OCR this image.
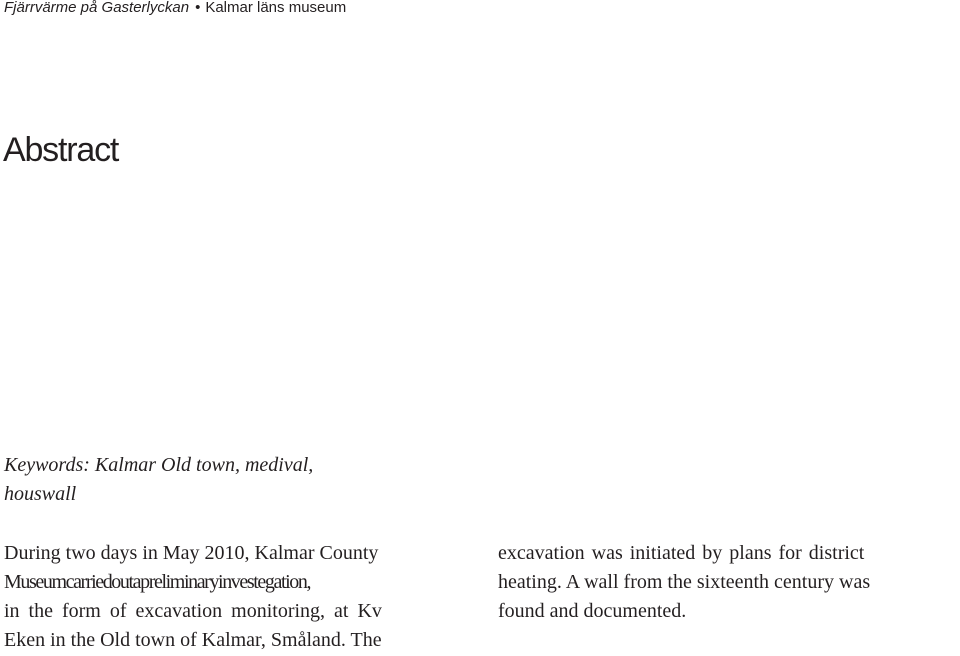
Fjärrvärme på Gasterlyckan • Kalmar läns museum
Abstract

Keywords: Kalmar Old town, medival,
houswall

During two days in May 2010, Kalmar County
Museumcarriedoutapreliminaryinvestegation,
in the form of excavation monitoring, at Kv
Eken in the Old town of Kalmar, Småland. The

excavation was initiated by plans for district
heating. A wall from the sixteenth century was
found and documented.
